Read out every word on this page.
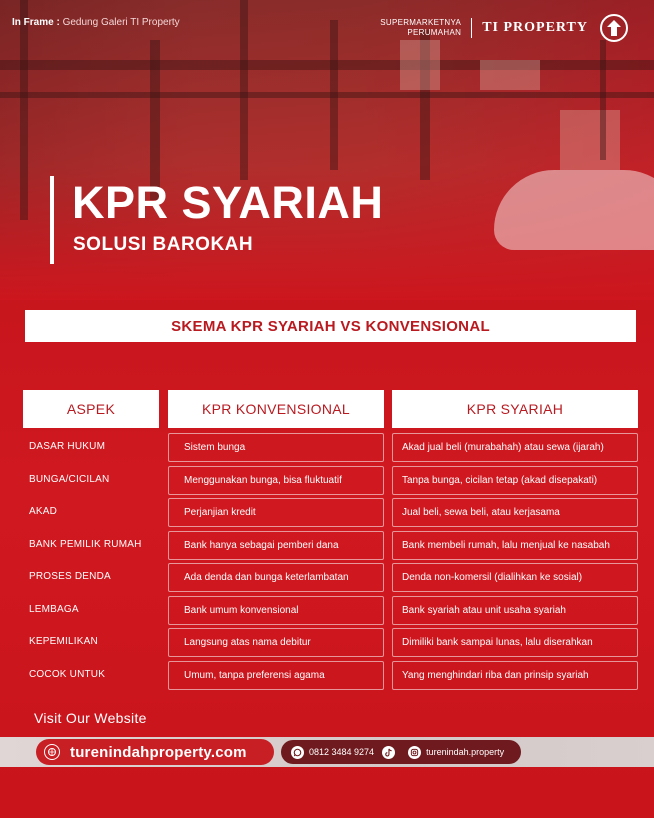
In Frame : Gedung Galeri TI Property	SUPERMARKETNYA
PERUMAHAN	TI PROPERTY
KPR SYARIAH
SOLUSI BAROKAH
SKEMA KPR SYARIAH VS KONVENSIONAL
ASPEK	KPR KONVENSIONAL	KPR SYARIAH
DASAR HUKUM	Sistem bunga	Akad jual beli (murabahah) atau sewa (ijarah)
BUNGA/CICILAN	Menggunakan bunga, bisa fluktuatif	Tanpa bunga, cicilan tetap (akad disepakati)
AKAD	Perjanjian kredit	Jual beli, sewa beli, atau kerjasama
BANK PEMILIK RUMAH	Bank hanya sebagai pemberi dana	Bank membeli rumah, lalu menjual ke nasabah
PROSES DENDA	Ada denda dan bunga keterlambatan	Denda non-komersil (dialihkan ke sosial)
LEMBAGA	Bank umum konvensional	Bank syariah atau unit usaha syariah
KEPEMILIKAN	Langsung atas nama debitur	Dimiliki bank sampai lunas, lalu diserahkan
COCOK UNTUK	Umum, tanpa preferensi agama	Yang menghindari riba dan prinsip syariah
Visit Our Website
turenindahproperty.com	0812 3484 9274	turenindah.property
